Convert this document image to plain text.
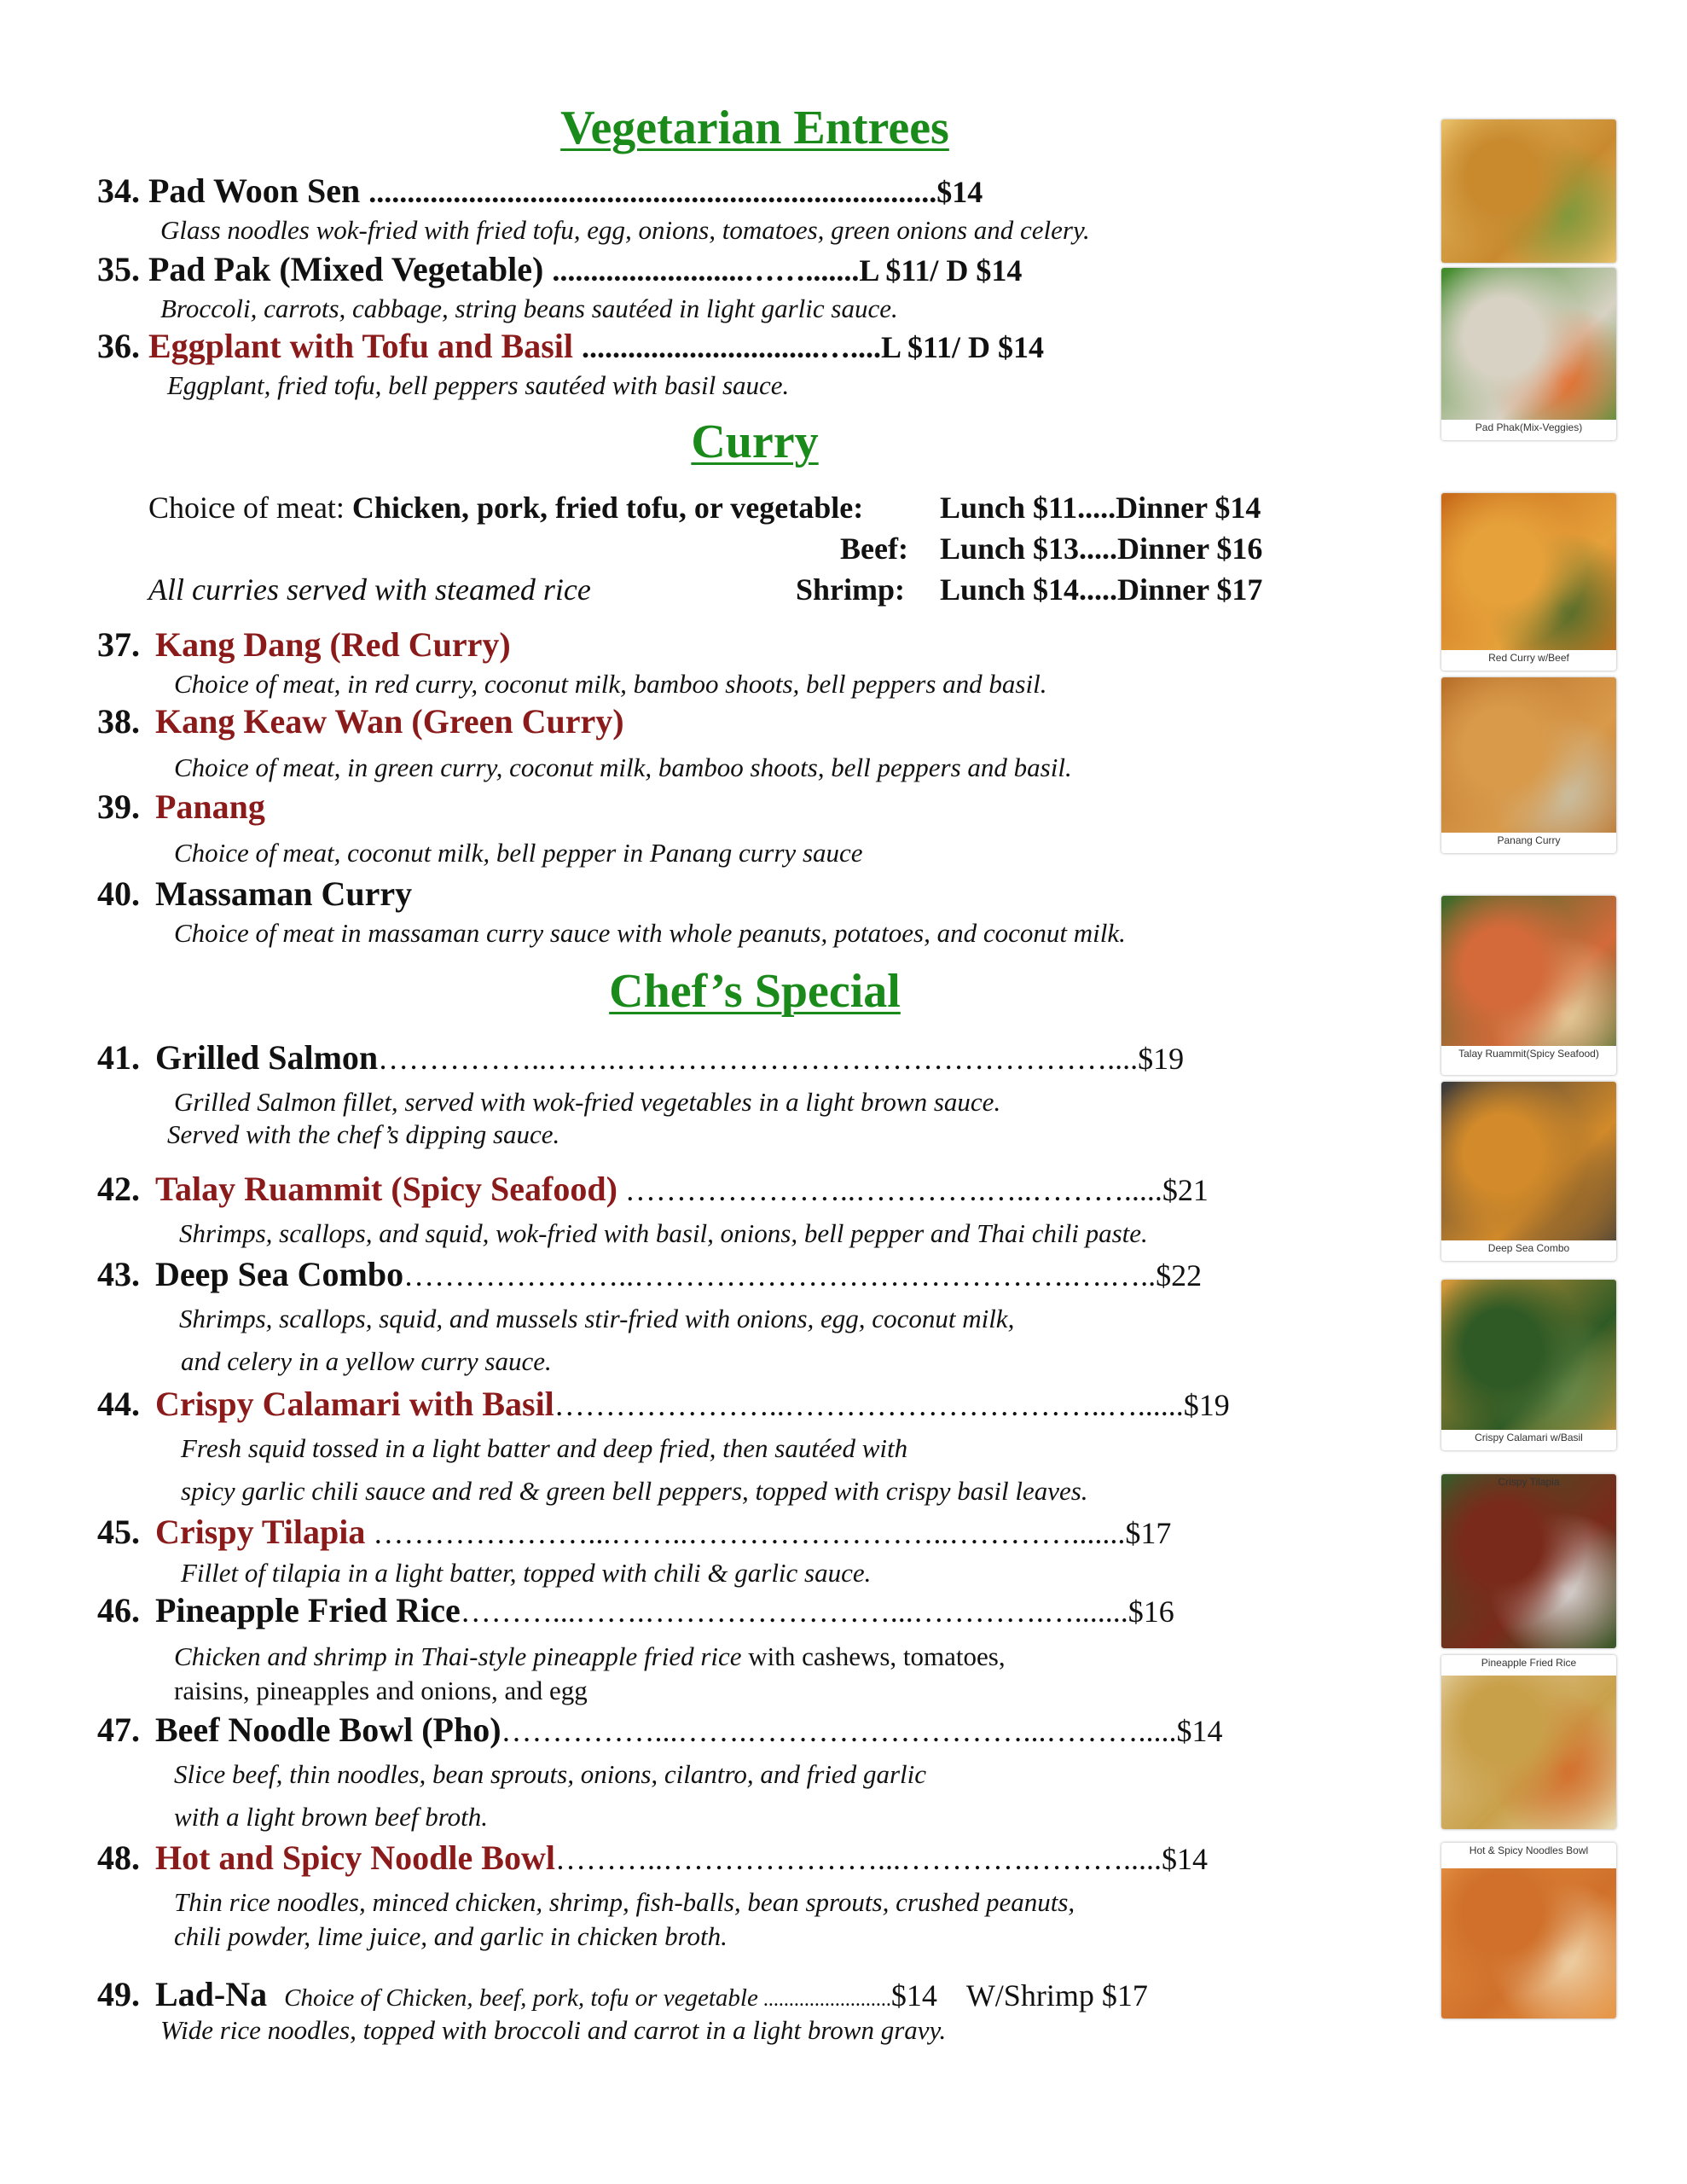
Vegetarian Entrees
Curry
Chef’s Special
34. Pad Woon Sen ..........................................................................$14
Glass noodles wok-fried with fried tofu, egg, onions, tomatoes, green onions and celery.
35. Pad Pak (Mixed Vegetable) .........................…….......L $11/ D $14
Broccoli, carrots, cabbage, string beans sautéed in light garlic sauce.
36. Eggplant with Tofu and Basil ...............................…....L $11/ D $14
Eggplant, fried tofu, bell peppers sautéed with basil sauce.
Choice of meat: Chicken, pork, fried tofu, or vegetable: Lunch $11.....Dinner $14
Beef: Lunch $13.....Dinner $16
All curries served with steamed rice	Shrimp: Lunch $14.....Dinner $17
37. Kang Dang (Red Curry)
Choice of meat, in red curry, coconut milk, bamboo shoots, bell peppers and basil.
38. Kang Keaw Wan (Green Curry)
Choice of meat, in green curry, coconut milk, bamboo shoots, bell peppers and basil.
39. Panang
Choice of meat, coconut milk, bell pepper in Panang curry sauce
40. Massaman Curry
Choice of meat in massaman curry sauce with whole peanuts, potatoes, and coconut milk.
41. Grilled Salmon……………..…….…………………………………………....$19
Grilled Salmon fillet, served with wok-fried vegetables in a light brown sauce.
Served with the chef’s dipping sauce.
42. Talay Ruammit (Spicy Seafood) …………………..………….…..……….....$21
Shrimps, scallops, and squid, wok-fried with basil, onions, bell pepper and Thai chili paste.
43. Deep Sea Combo…………………..…………………………………….….…..$22
Shrimps, scallops, squid, and mussels stir-fried with onions, egg, coconut milk,
and celery in a yellow curry sauce.
44. Crispy Calamari with Basil…………………..…………………………..…......$19
Fresh squid tossed in a light batter and deep fried, then sautéed with
spicy garlic chili sauce and red & green bell peppers, topped with crispy basil leaves.
45. Crispy Tilapia …………………...……..……………………..………….......$17
Fillet of tilapia in a light batter, topped with chili & garlic sauce.
46. Pineapple Fried Rice………...…….……………………...………….….......$16
Chicken and shrimp in Thai-style pineapple fried rice with cashews, tomatoes,
raisins, pineapples and onions, and egg
47. Beef Noodle Bowl (Pho)……………...…….………………………...……….....$14
Slice beef, thin noodles, bean sprouts, onions, cilantro, and fried garlic
with a light brown beef broth.
48. Hot and Spicy Noodle Bowl………..…………………...………….……….....$14
Thin rice noodles, minced chicken, shrimp, fish-balls, bean sprouts, crushed peanuts,
chili powder, lime juice, and garlic in chicken broth.
49. Lad-Na Choice of Chicken, beef, pork, tofu or vegetable .........................$14 W/Shrimp $17
Wide rice noodles, topped with broccoli and carrot in a light brown gravy.
Pad Phak(Mix-Veggies)
Red Curry w/Beef
Panang Curry
Talay Ruammit(Spicy Seafood)
Deep Sea Combo
Crispy Calamari w/Basil
Crispy Tilapia
Pineapple Fried Rice
Hot & Spicy Noodles Bowl
